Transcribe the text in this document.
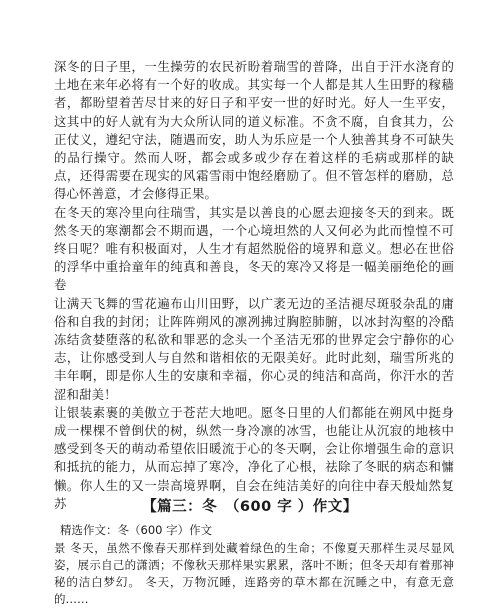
深冬的日子里，一生操劳的农民祈盼着瑞雪的普降，出自于汗水浇育的土地在来年必将有一个好的收成。其实每一个人都是其人生田野的稼穑者，都盼望着苦尽甘来的好日子和平安一世的好时光。好人一生平安，这其中的好人就有为大众所认同的道义标准。不贪不腐，自食其力，公正仗义，遵纪守法，随遇而安，助人为乐应是一个人独善其身不可缺失的品行操守。然而人呀，都会或多或少存在着这样的毛病或那样的缺点，还得需要在现实的风霜雪雨中饱经磨励了。但不管怎样的磨励，总得心怀善意，才会修得正果。

在冬天的寒冷里向往瑞雪，其实是以善良的心愿去迎接冬天的到来。既然冬天的寒潮都会不期而遇，一个心境坦然的人又何必为此而惶惶不可终日呢？唯有积极面对，人生才有超然脱俗的境界和意义。想必在世俗的浮华中重拾童年的纯真和善良，冬天的寒冷又将是一幅美丽绝伦的画卷

让满天飞舞的雪花遍布山川田野，以广袤无边的圣洁褪尽斑驳杂乱的庸俗和自我的封闭；让阵阵朔风的凛冽拂过胸腔肺腑，以冰封沟壑的冷酷冻结贪婪堕落的私欲和罪恶的念头一个圣洁无邪的世界定会宁静你的心志，让你感受到人与自然和谐相依的无限美好。此时此刻，瑞雪所兆的丰年啊，即是你人生的安康和幸福，你心灵的纯洁和高尚，你汗水的苦涩和甜美！

让银装素裹的美傲立于苍茫大地吧。愿冬日里的人们都能在朔风中挺身成一棵棵不曾倒伏的树，纵然一身冷凛的冰雪，也能让从沉寂的地核中感受到冬天的萌动希望依旧暖流于心的冬天啊，会让你增强生命的意识和抵抗的能力，从而忘掉了寒冷，净化了心根，祛除了冬眠的病态和慵懒。你人生的又一崇高境界啊，自会在纯洁美好的向往中春天般灿然复苏	【篇三：冬　（600 字 ）作文】

精选作文：冬（600 字）作文

景 冬天，虽然不像春天那样到处藏着绿色的生命；不像夏天那样生灵尽显风姿，展示自己的潇洒；不像秋天那样果实累累，落叶不断；但冬天却有着那神秘的洁白梦幻。 冬天，万物沉睡，连路旁的草木都在沉睡之中，有意无意的……
